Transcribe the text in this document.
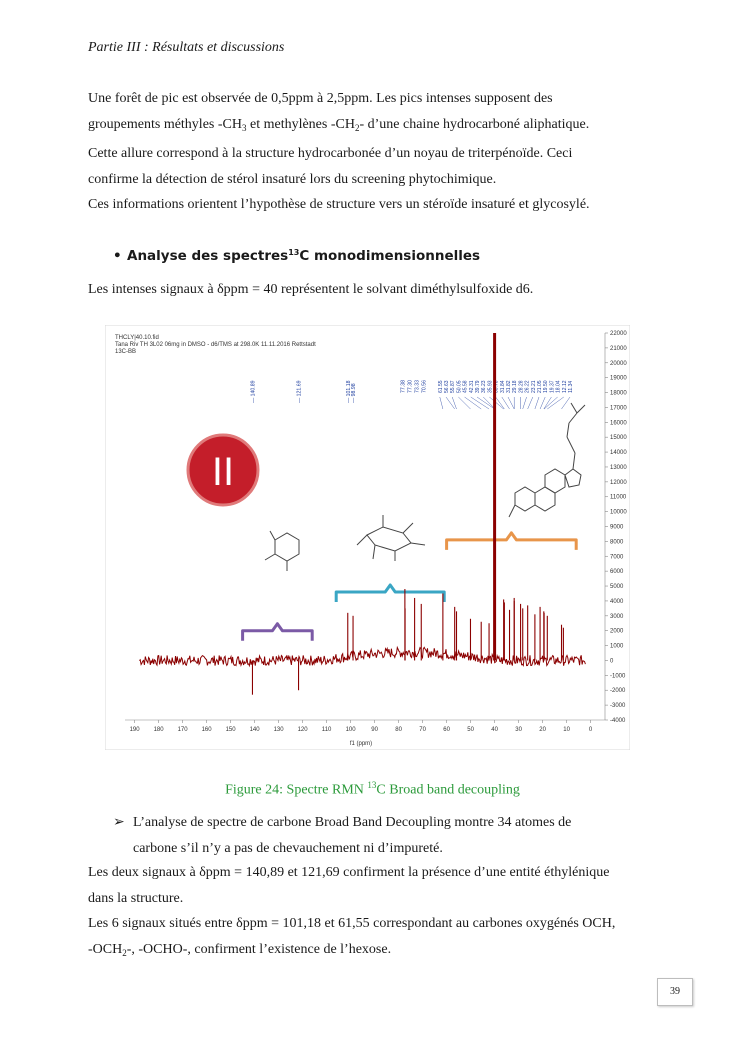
Partie III : Résultats et discussions
Une forêt de pic est observée de 0,5ppm à 2,5ppm. Les pics intenses supposent des
groupements méthyles $-CH_3$ et methylènes $-CH_2-$ d’une chaine hydrocarboné aliphatique.
Cette allure correspond à la structure hydrocarbonée d’un noyau de triterpénoïde. Ceci
confirme la détection de stérol insaturé lors du screening phytochimique.
Ces informations orientent l’hypothèse de structure vers un stéroïde insaturé et glycosylé.
• Analyse des spectres$^{13}$C monodimensionnelles
Les intenses signaux à δppm = 40 représentent le solvant diméthylsulfoxide d6.
THCLY|40.10.fid
Tana Riv TH 3L02 06mg in DMSO - d6/TMS at 298.0K 11.11.2016 Rettstadt
13C-BB
II
— 140.89	— 121.69	— 101.18 — 98.98	77.38 77.30 73.33 70.56 61.55 56.63 55.87 50.05 45.58 42.31 39.79 36.23 35.93 33.78 31.84 31.82 29.18 28.28 26.22 23.21 21.05 19.50 19.37 18.04 12.12 11.34
-4000
-3000
-2000
-1000
0
1000
2000
3000
4000
5000
6000
7000
8000
9000
10000
11000
12000
13000
14000
15000
16000
17000
18000
19000
20000
21000
22000
190 180 170 160 150 140 130 120 110 100	90	80	70	60	50	40	30	20	10	0
f1 (ppm)
Figure 24: Spectre RMN $^{13}$C Broad band decoupling
➢ L’analyse de spectre de carbone Broad Band Decoupling montre 34 atomes de
carbone s’il n’y a pas de chevauchement ni d’impureté.
Les deux signaux à δppm = 140,89 et 121,69 confirment la présence d’une entité éthylénique
dans la structure.
Les 6 signaux situés entre δppm = 101,18 et 61,55 correspondant au carbones oxygénés OCH,
$-OCH_2-$, -OCHO-, confirment l’existence de l’hexose.
39
